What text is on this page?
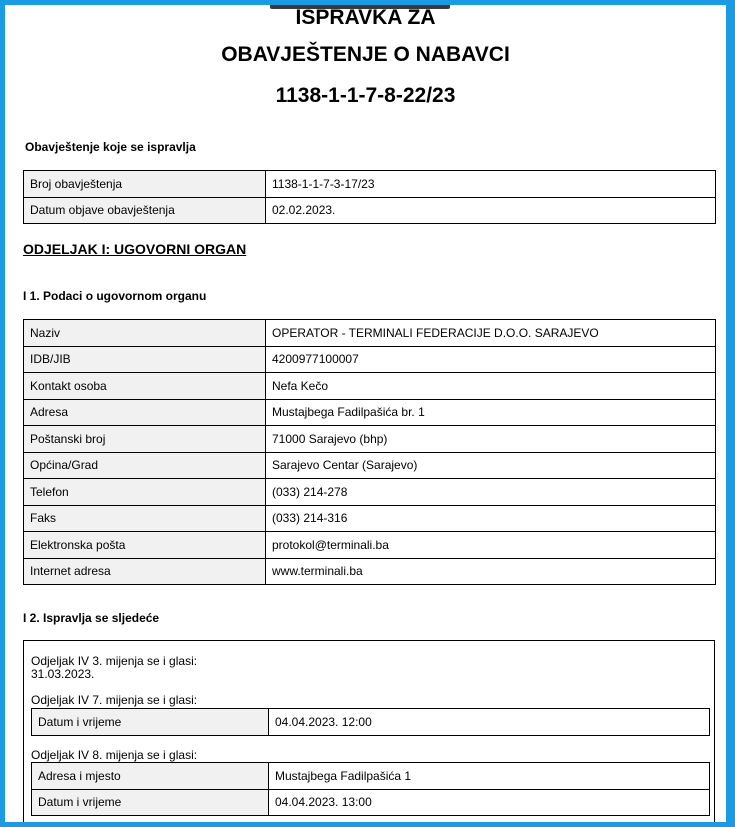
ISPRAVKA ZA
OBAVJEŠTENJE O NABAVCI
1138-1-1-7-8-22/23
Obavještenje koje se ispravlja
Broj obavještenja	1138-1-1-7-3-17/23
Datum objave obavještenja	02.02.2023.
ODJELJAK I: UGOVORNI ORGAN
I 1. Podaci o ugovornom organu
Naziv	OPERATOR - TERMINALI FEDERACIJE D.O.O. SARAJEVO
IDB/JIB	4200977100007
Kontakt osoba	Nefa Kečo
Adresa	Mustajbega Fadilpašića br. 1
Poštanski broj	71000 Sarajevo (bhp)
Općina/Grad	Sarajevo Centar (Sarajevo)
Telefon	(033) 214-278
Faks	(033) 214-316
Elektronska pošta	protokol@terminali.ba
Internet adresa	www.terminali.ba
I 2. Ispravlja se sljedeće
Odjeljak IV 3. mijenja se i glasi:
31.03.2023.
Odjeljak IV 7. mijenja se i glasi:
Datum i vrijeme	04.04.2023. 12:00
Odjeljak IV 8. mijenja se i glasi:
Adresa i mjesto	Mustajbega Fadilpašića 1
Datum i vrijeme	04.04.2023. 13:00
